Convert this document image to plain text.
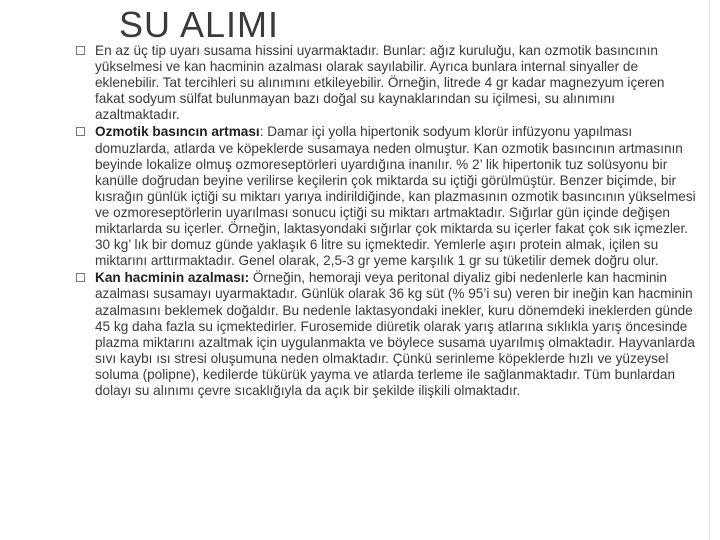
SU ALIMI
En az üç tip uyarı susama hissini uyarmaktadır. Bunlar: ağız kuruluğu, kan ozmotik basıncının yükselmesi ve kan hacminin azalması olarak sayılabilir. Ayrıca bunlara internal sinyaller de eklenebilir. Tat tercihleri su alınımını etkileyebilir. Örneğin, litrede 4 gr kadar magnezyum içeren fakat sodyum sülfat bulunmayan bazı doğal su kaynaklarından su içilmesi, su alınımını azaltmaktadır.
Ozmotik basıncın artması: Damar içi yolla hipertonik sodyum klorür infüzyonu yapılması domuzlarda, atlarda ve köpeklerde susamaya neden olmuştur. Kan ozmotik basıncının artmasının beyinde lokalize olmuş ozmoreseptörleri uyardığına inanılır. % 2’ lik hipertonik tuz solüsyonu bir kanülle doğrudan beyine verilirse keçilerin çok miktarda su içtiği görülmüştür. Benzer biçimde, bir kısrağın günlük içtiği su miktarı yarıya indirildiğinde, kan plazmasının ozmotik basıncının yükselmesi ve ozmoreseptörlerin uyarılması sonucu içtiği su miktarı artmaktadır. Sığırlar gün içinde değişen miktarlarda su içerler. Örneğin, laktasyondaki sığırlar çok miktarda su içerler fakat çok sık içmezler. 30 kg’ lık bir domuz günde yaklaşık 6 litre su içmektedir. Yemlerle aşırı protein almak, içilen su miktarını arttırmaktadır. Genel olarak, 2,5-3 gr yeme karşılık 1 gr su tüketilir demek doğru olur.
Kan hacminin azalması: Örneğin, hemoraji veya peritonal diyaliz gibi nedenlerle kan hacminin azalması susamayı uyarmaktadır. Günlük olarak 36 kg süt (% 95’i su) veren bir ineğin kan hacminin azalmasını beklemek doğaldır. Bu nedenle laktasyondaki inekler, kuru dönemdeki ineklerden günde 45 kg daha fazla su içmektedirler. Furosemide diüretik olarak yarış atlarına sıklıkla yarış öncesinde plazma miktarını azaltmak için uygulanmakta ve böylece susama uyarılmış olmaktadır. Hayvanlarda sıvı kaybı ısı stresi oluşumuna neden olmaktadır. Çünkü serinleme köpeklerde hızlı ve yüzeysel soluma (polipne), kedilerde tükürük yayma ve atlarda terleme ile sağlanmaktadır. Tüm bunlardan dolayı su alınımı çevre sıcaklığıyla da açık bir şekilde ilişkili olmaktadır.
